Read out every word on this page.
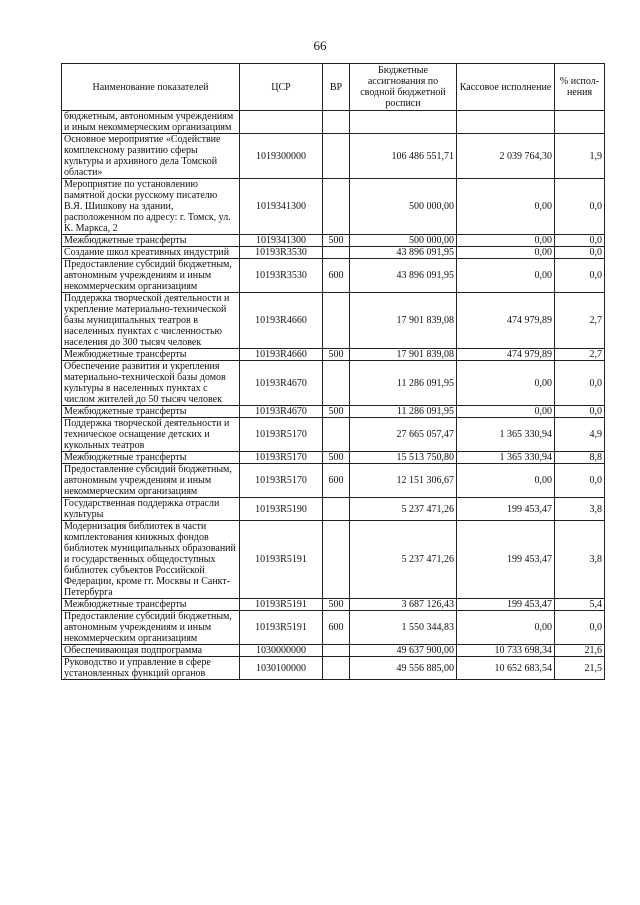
66
Наименование показателей	ЦСР	ВР	Бюджетные ассигнования по сводной бюджетной росписи	Кассовое исполнение	% испол- нения
бюджетным, автономным учреждениям и иным некоммерческим организациям					
Основное мероприятие «Содействие комплексному развитию сферы культуры и архивного дела Томской области»	1019300000		106 486 551,71	2 039 764,30	1,9
Мероприятие по установлению памятной доски русскому писателю В.Я. Шишкову на здании, расположенном по адресу: г. Томск, ул. К. Маркса, 2	1019341300		500 000,00	0,00	0,0
Межбюджетные трансферты	1019341300	500	500 000,00	0,00	0,0
Создание школ креативных индустрий	10193R3530		43 896 091,95	0,00	0,0
Предоставление субсидий бюджетным, автономным учреждениям и иным некоммерческим организациям	10193R3530	600	43 896 091,95	0,00	0,0
Поддержка творческой деятельности и укрепление материально-технической базы муниципальных театров в населенных пунктах с численностью населения до 300 тысяч человек	10193R4660		17 901 839,08	474 979,89	2,7
Межбюджетные трансферты	10193R4660	500	17 901 839,08	474 979,89	2,7
Обеспечение развития и укрепления материально-технической базы домов культуры в населенных пунктах с числом жителей до 50 тысяч человек	10193R4670		11 286 091,95	0,00	0,0
Межбюджетные трансферты	10193R4670	500	11 286 091,95	0,00	0,0
Поддержка творческой деятельности и техническое оснащение детских и кукольных театров	10193R5170		27 665 057,47	1 365 330,94	4,9
Межбюджетные трансферты	10193R5170	500	15 513 750,80	1 365 330,94	8,8
Предоставление субсидий бюджетным, автономным учреждениям и иным некоммерческим организациям	10193R5170	600	12 151 306,67	0,00	0,0
Государственная поддержка отрасли культуры	10193R5190		5 237 471,26	199 453,47	3,8
Модернизация библиотек в части комплектования книжных фондов библиотек муниципальных образований и государственных общедоступных библиотек субъектов Российской Федерации, кроме гг. Москвы и Санкт-Петербурга	10193R5191		5 237 471,26	199 453,47	3,8
Межбюджетные трансферты	10193R5191	500	3 687 126,43	199 453,47	5,4
Предоставление субсидий бюджетным, автономным учреждениям и иным некоммерческим организациям	10193R5191	600	1 550 344,83	0,00	0,0
Обеспечивающая подпрограмма	1030000000		49 637 900,00	10 733 698,34	21,6
Руководство и управление в сфере установленных функций органов	1030100000		49 556 885,00	10 652 683,54	21,5
